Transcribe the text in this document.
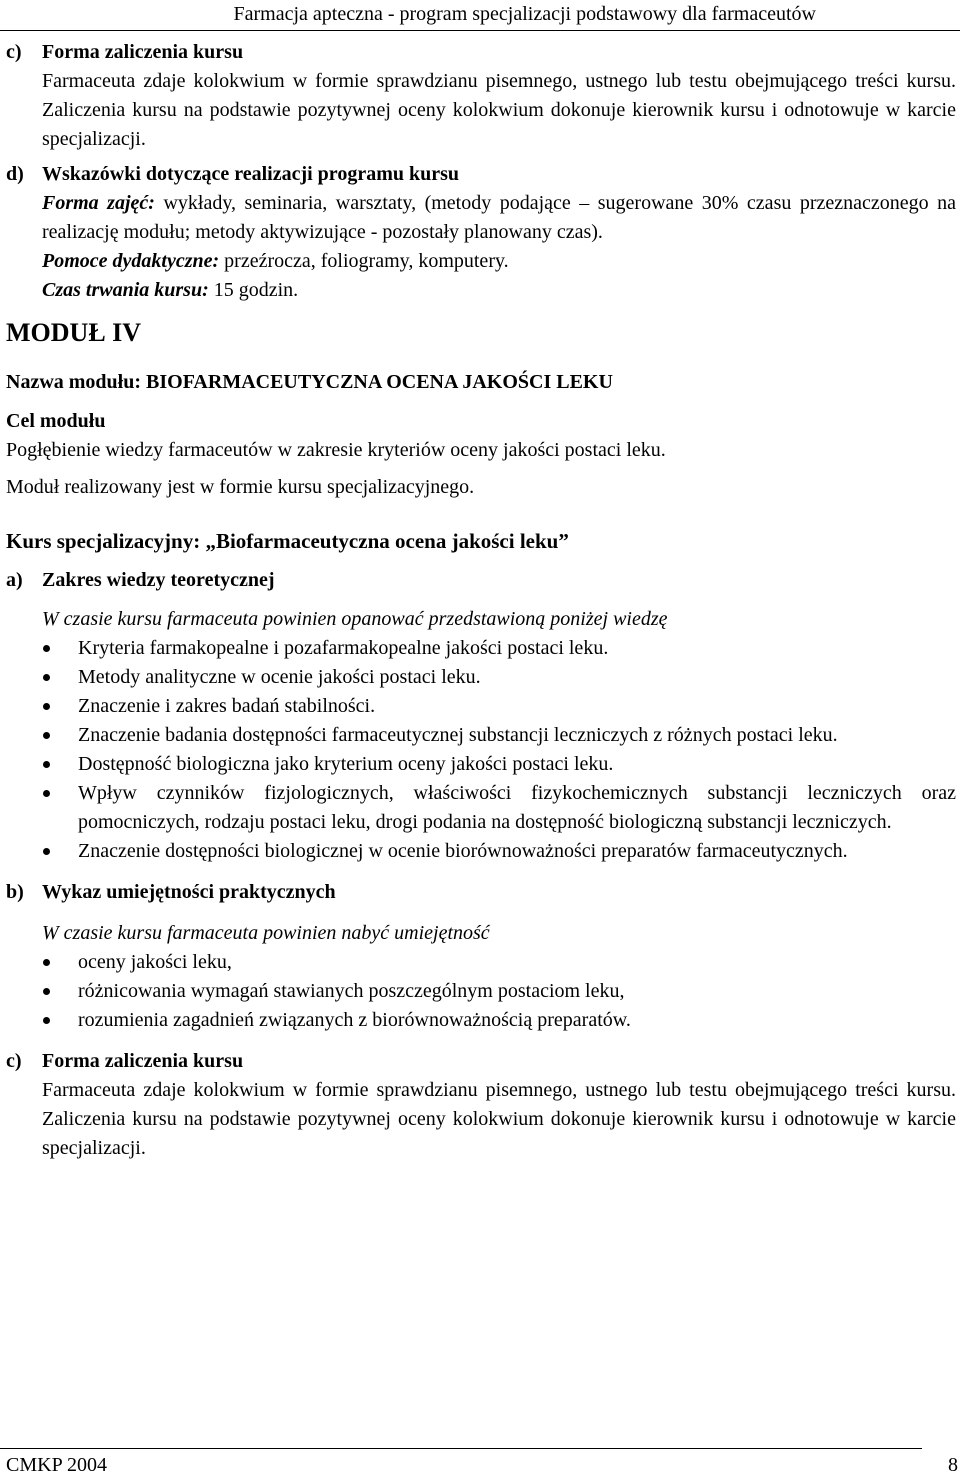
Farmacja apteczna - program specjalizacji podstawowy dla farmaceutów
c) Forma zaliczenia kursu
Farmaceuta zdaje kolokwium w formie sprawdzianu pisemnego, ustnego lub testu obejmującego treści kursu. Zaliczenia kursu na podstawie pozytywnej oceny kolokwium dokonuje kierownik kursu i odnotowuje w karcie specjalizacji.
d) Wskazówki dotyczące realizacji programu kursu
Forma zajęć: wykłady, seminaria, warsztaty, (metody podające – sugerowane 30% czasu przeznaczonego na realizację modułu; metody aktywizujące - pozostały planowany czas).
Pomoce dydaktyczne: przeźrocza, foliogramy, komputery.
Czas trwania kursu: 15 godzin.
MODUŁ IV
Nazwa modułu: BIOFARMACEUTYCZNA OCENA JAKOŚCI LEKU
Cel modułu
Pogłębienie wiedzy farmaceutów w zakresie kryteriów oceny jakości postaci leku.
Moduł realizowany jest w formie kursu specjalizacyjnego.
Kurs specjalizacyjny: „Biofarmaceutyczna ocena jakości leku”
a) Zakres wiedzy teoretycznej
W czasie kursu farmaceuta powinien opanować przedstawioną poniżej wiedzę
Kryteria farmakopealne i pozafarmakopealne jakości postaci leku.
Metody analityczne w ocenie jakości postaci leku.
Znaczenie i zakres badań stabilności.
Znaczenie badania dostępności farmaceutycznej substancji leczniczych z różnych postaci leku.
Dostępność biologiczna jako kryterium oceny jakości postaci leku.
Wpływ czynników fizjologicznych, właściwości fizykochemicznych substancji leczniczych oraz pomocniczych, rodzaju postaci leku, drogi podania na dostępność biologiczną substancji leczniczych.
Znaczenie dostępności biologicznej w ocenie biorównoważności preparatów farmaceutycznych.
b) Wykaz umiejętności praktycznych
W czasie kursu farmaceuta powinien nabyć umiejętność
oceny jakości leku,
różnicowania wymagań stawianych poszczególnym postaciom leku,
rozumienia zagadnień związanych z biorównoważnością preparatów.
c) Forma zaliczenia kursu
Farmaceuta zdaje kolokwium w formie sprawdzianu pisemnego, ustnego lub testu obejmującego treści kursu. Zaliczenia kursu na podstawie pozytywnej oceny kolokwium dokonuje kierownik kursu i odnotowuje w karcie specjalizacji.
CMKP 2004	8
